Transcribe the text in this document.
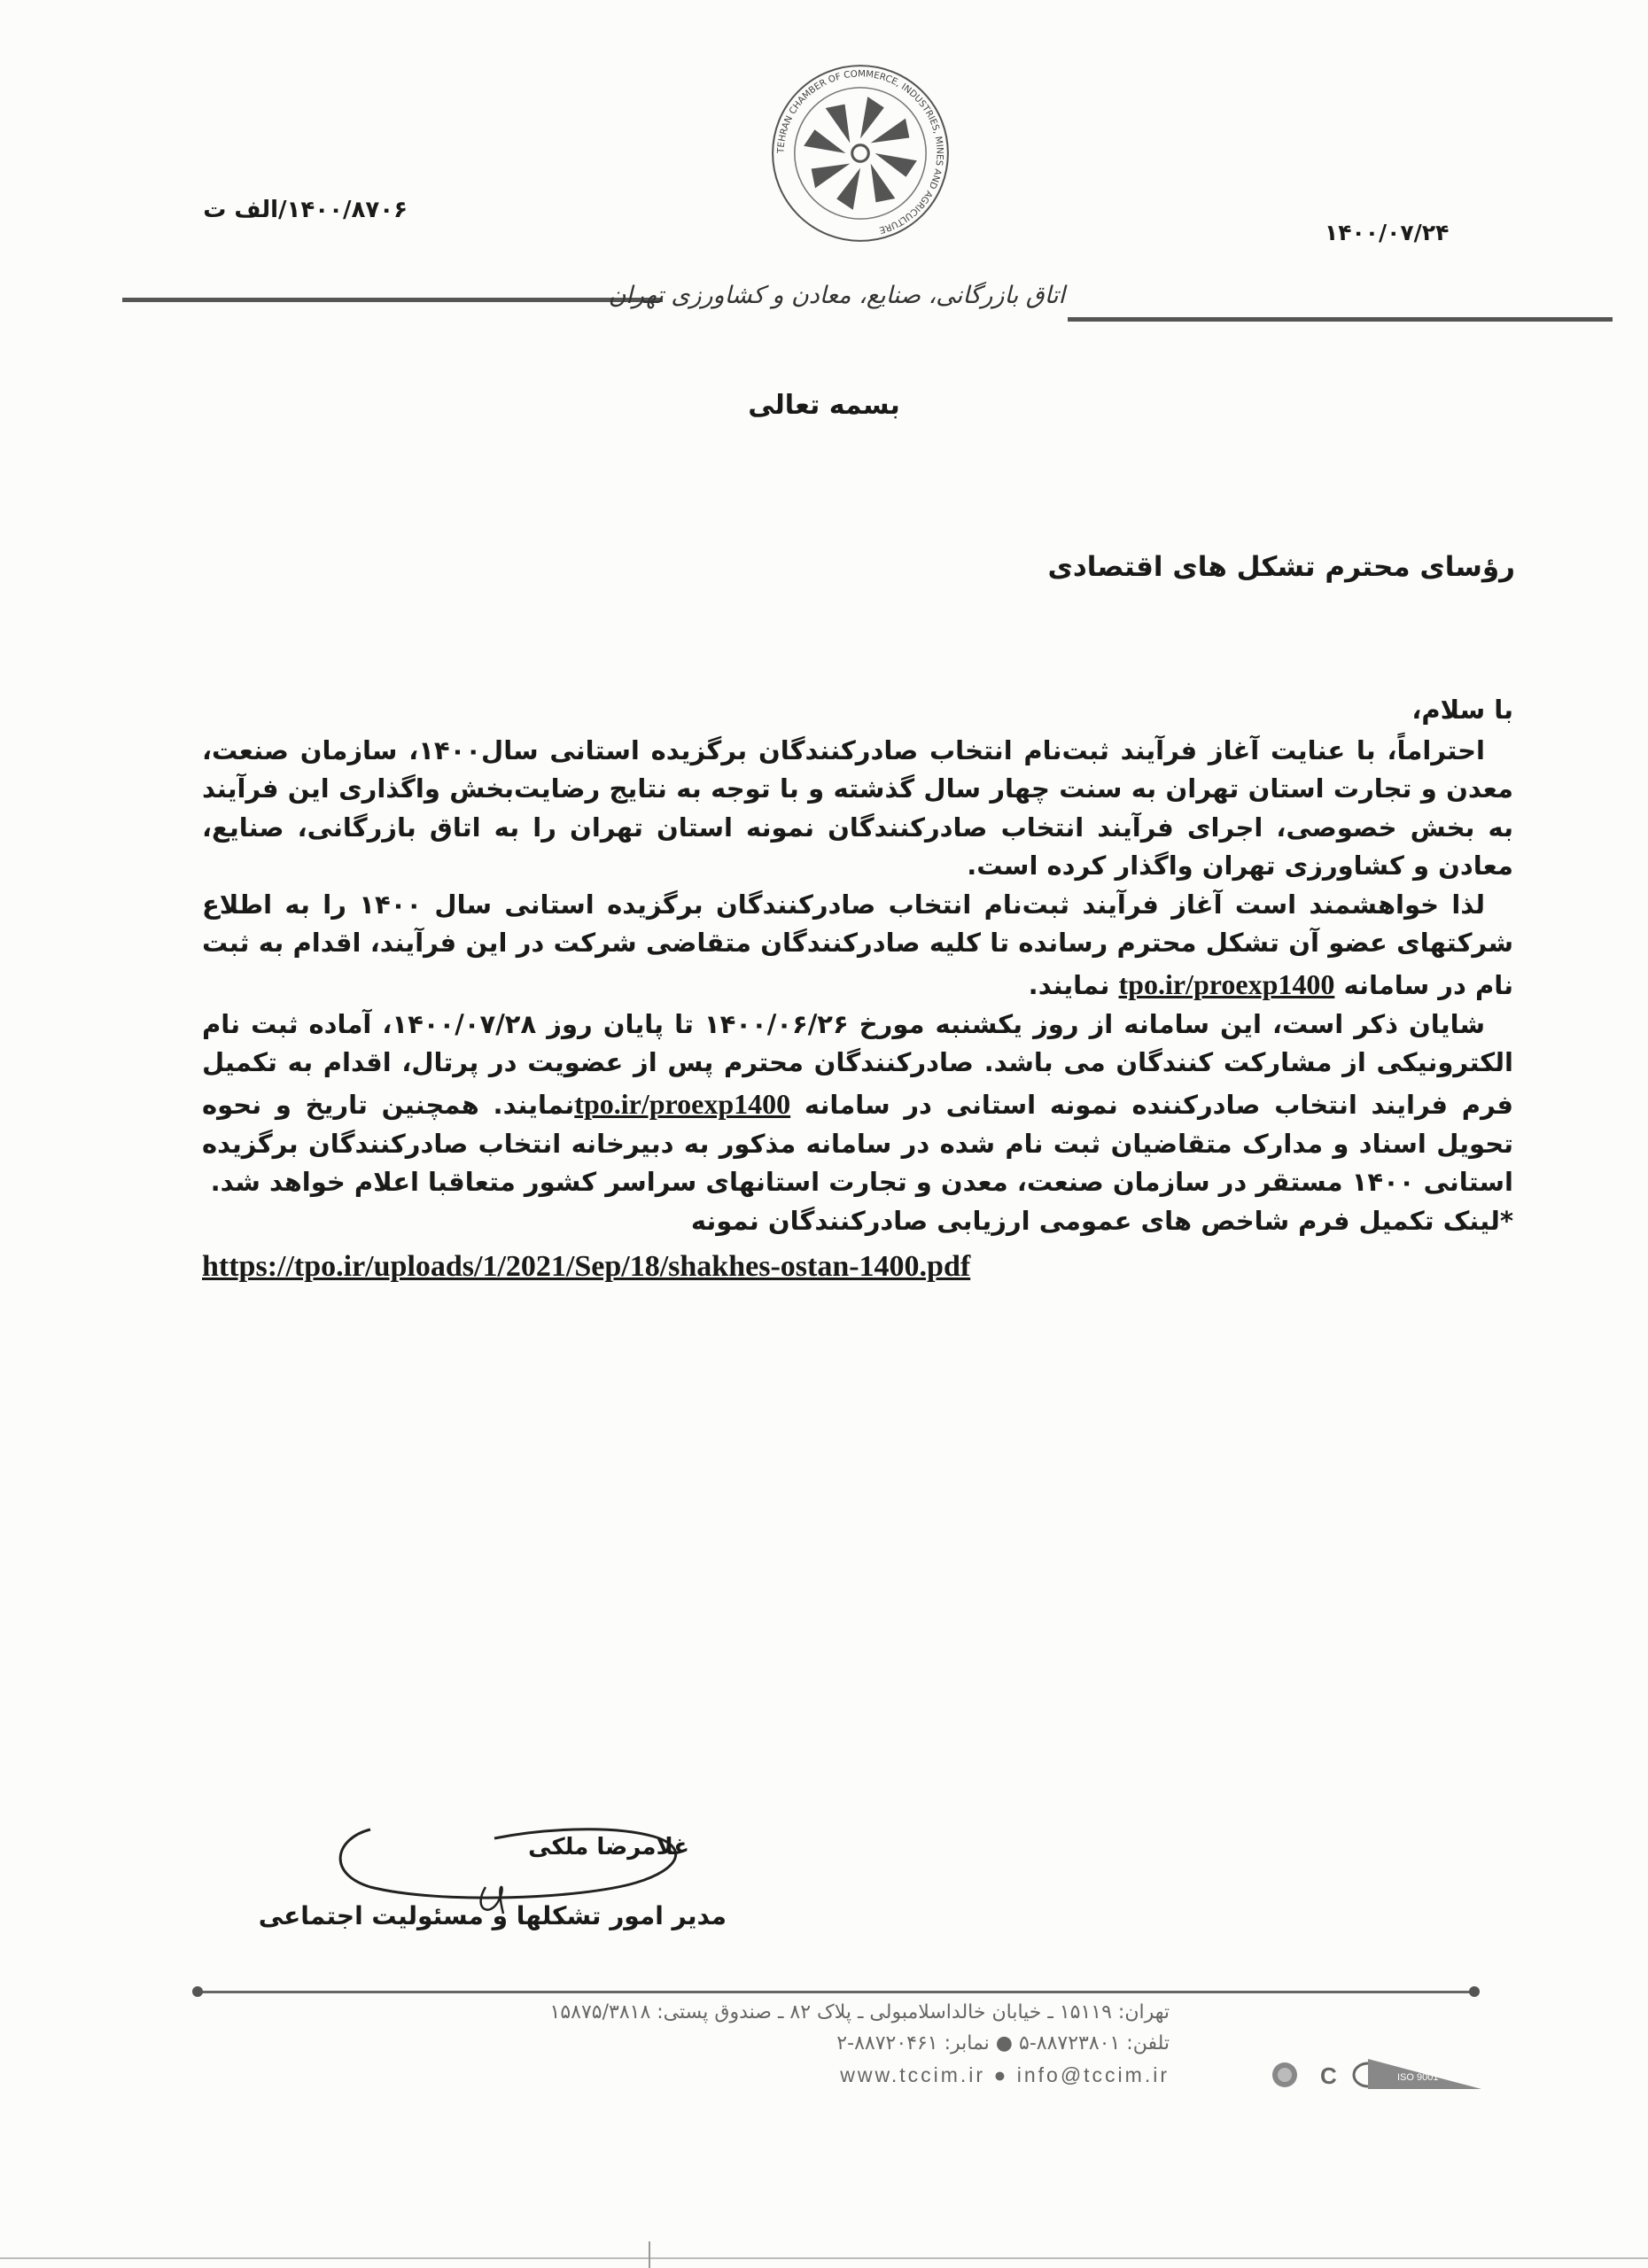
TEHRAN CHAMBER OF COMMERCE, INDUSTRIES, MINES AND AGRICULTURE
۱۴۰۰/۸۷۰۶/الف ت
۱۴۰۰/۰۷/۲۴
اتاق بازرگانی، صنایع، معادن و کشاورزی تهران
بسمه تعالی
رؤسای محترم تشکل های اقتصادی

با سلام،

احتراماً، با عنایت آغاز فرآیند ثبت‌نام انتخاب صادرکنندگان برگزیده استانی سال۱۴۰۰، سازمان صنعت، معدن و تجارت استان تهران به سنت چهار سال گذشته و با توجه به نتایج رضایت‌بخش واگذاری این فرآیند به بخش خصوصی، اجرای فرآیند انتخاب صادرکنندگان نمونه استان تهران را به اتاق بازرگانی، صنایع، معادن و کشاورزی تهران واگذار کرده است.

لذا خواهشمند است آغاز فرآیند ثبت‌نام انتخاب صادرکنندگان برگزیده استانی سال ۱۴۰۰ را به اطلاع شرکتهای عضو آن تشکل محترم رسانده تا کلیه صادرکنندگان متقاضی شرکت در این فرآیند، اقدام به ثبت نام در سامانه tpo.ir/proexp1400 نمایند.

شایان ذکر است، این سامانه از روز یکشنبه مورخ ۱۴۰۰/۰۶/۲۶ تا پایان روز ۱۴۰۰/۰۷/۲۸، آماده ثبت نام الکترونیکی از مشارکت کنندگان می باشد. صادرکنندگان محترم پس از عضویت در پرتال، اقدام به تکمیل فرم فرایند انتخاب صادرکننده نمونه استانی در سامانه tpo.ir/proexp1400نمایند. همچنین تاریخ و نحوه تحویل اسناد و مدارک متقاضیان ثبت نام شده در سامانه مذکور به دبیرخانه انتخاب صادرکنندگان برگزیده استانی ۱۴۰۰ مستقر در سازمان صنعت، معدن و تجارت استانهای سراسر کشور متعاقبا اعلام خواهد شد.

*لینک تکمیل فرم شاخص های عمومی ارزیابی صادرکنندگان نمونه

https://tpo.ir/uploads/1/2021/Sep/18/shakhes-ostan-1400.pdf

غلامرضا ملکی
مدیر امور تشکلها و مسئولیت اجتماعی
تهران: ۱۵۱۱۹ ـ خیابان خالداسلامبولی ـ پلاک ۸۲ ـ صندوق پستی: ۱۵۸۷۵/۳۸۱۸
تلفن: ۸۸۷۲۳۸۰۱-۵ ● نمابر: ۸۸۷۲۰۴۶۱-۲
www.tccim.ir ● info@tccim.ir	C	ISO 9001
